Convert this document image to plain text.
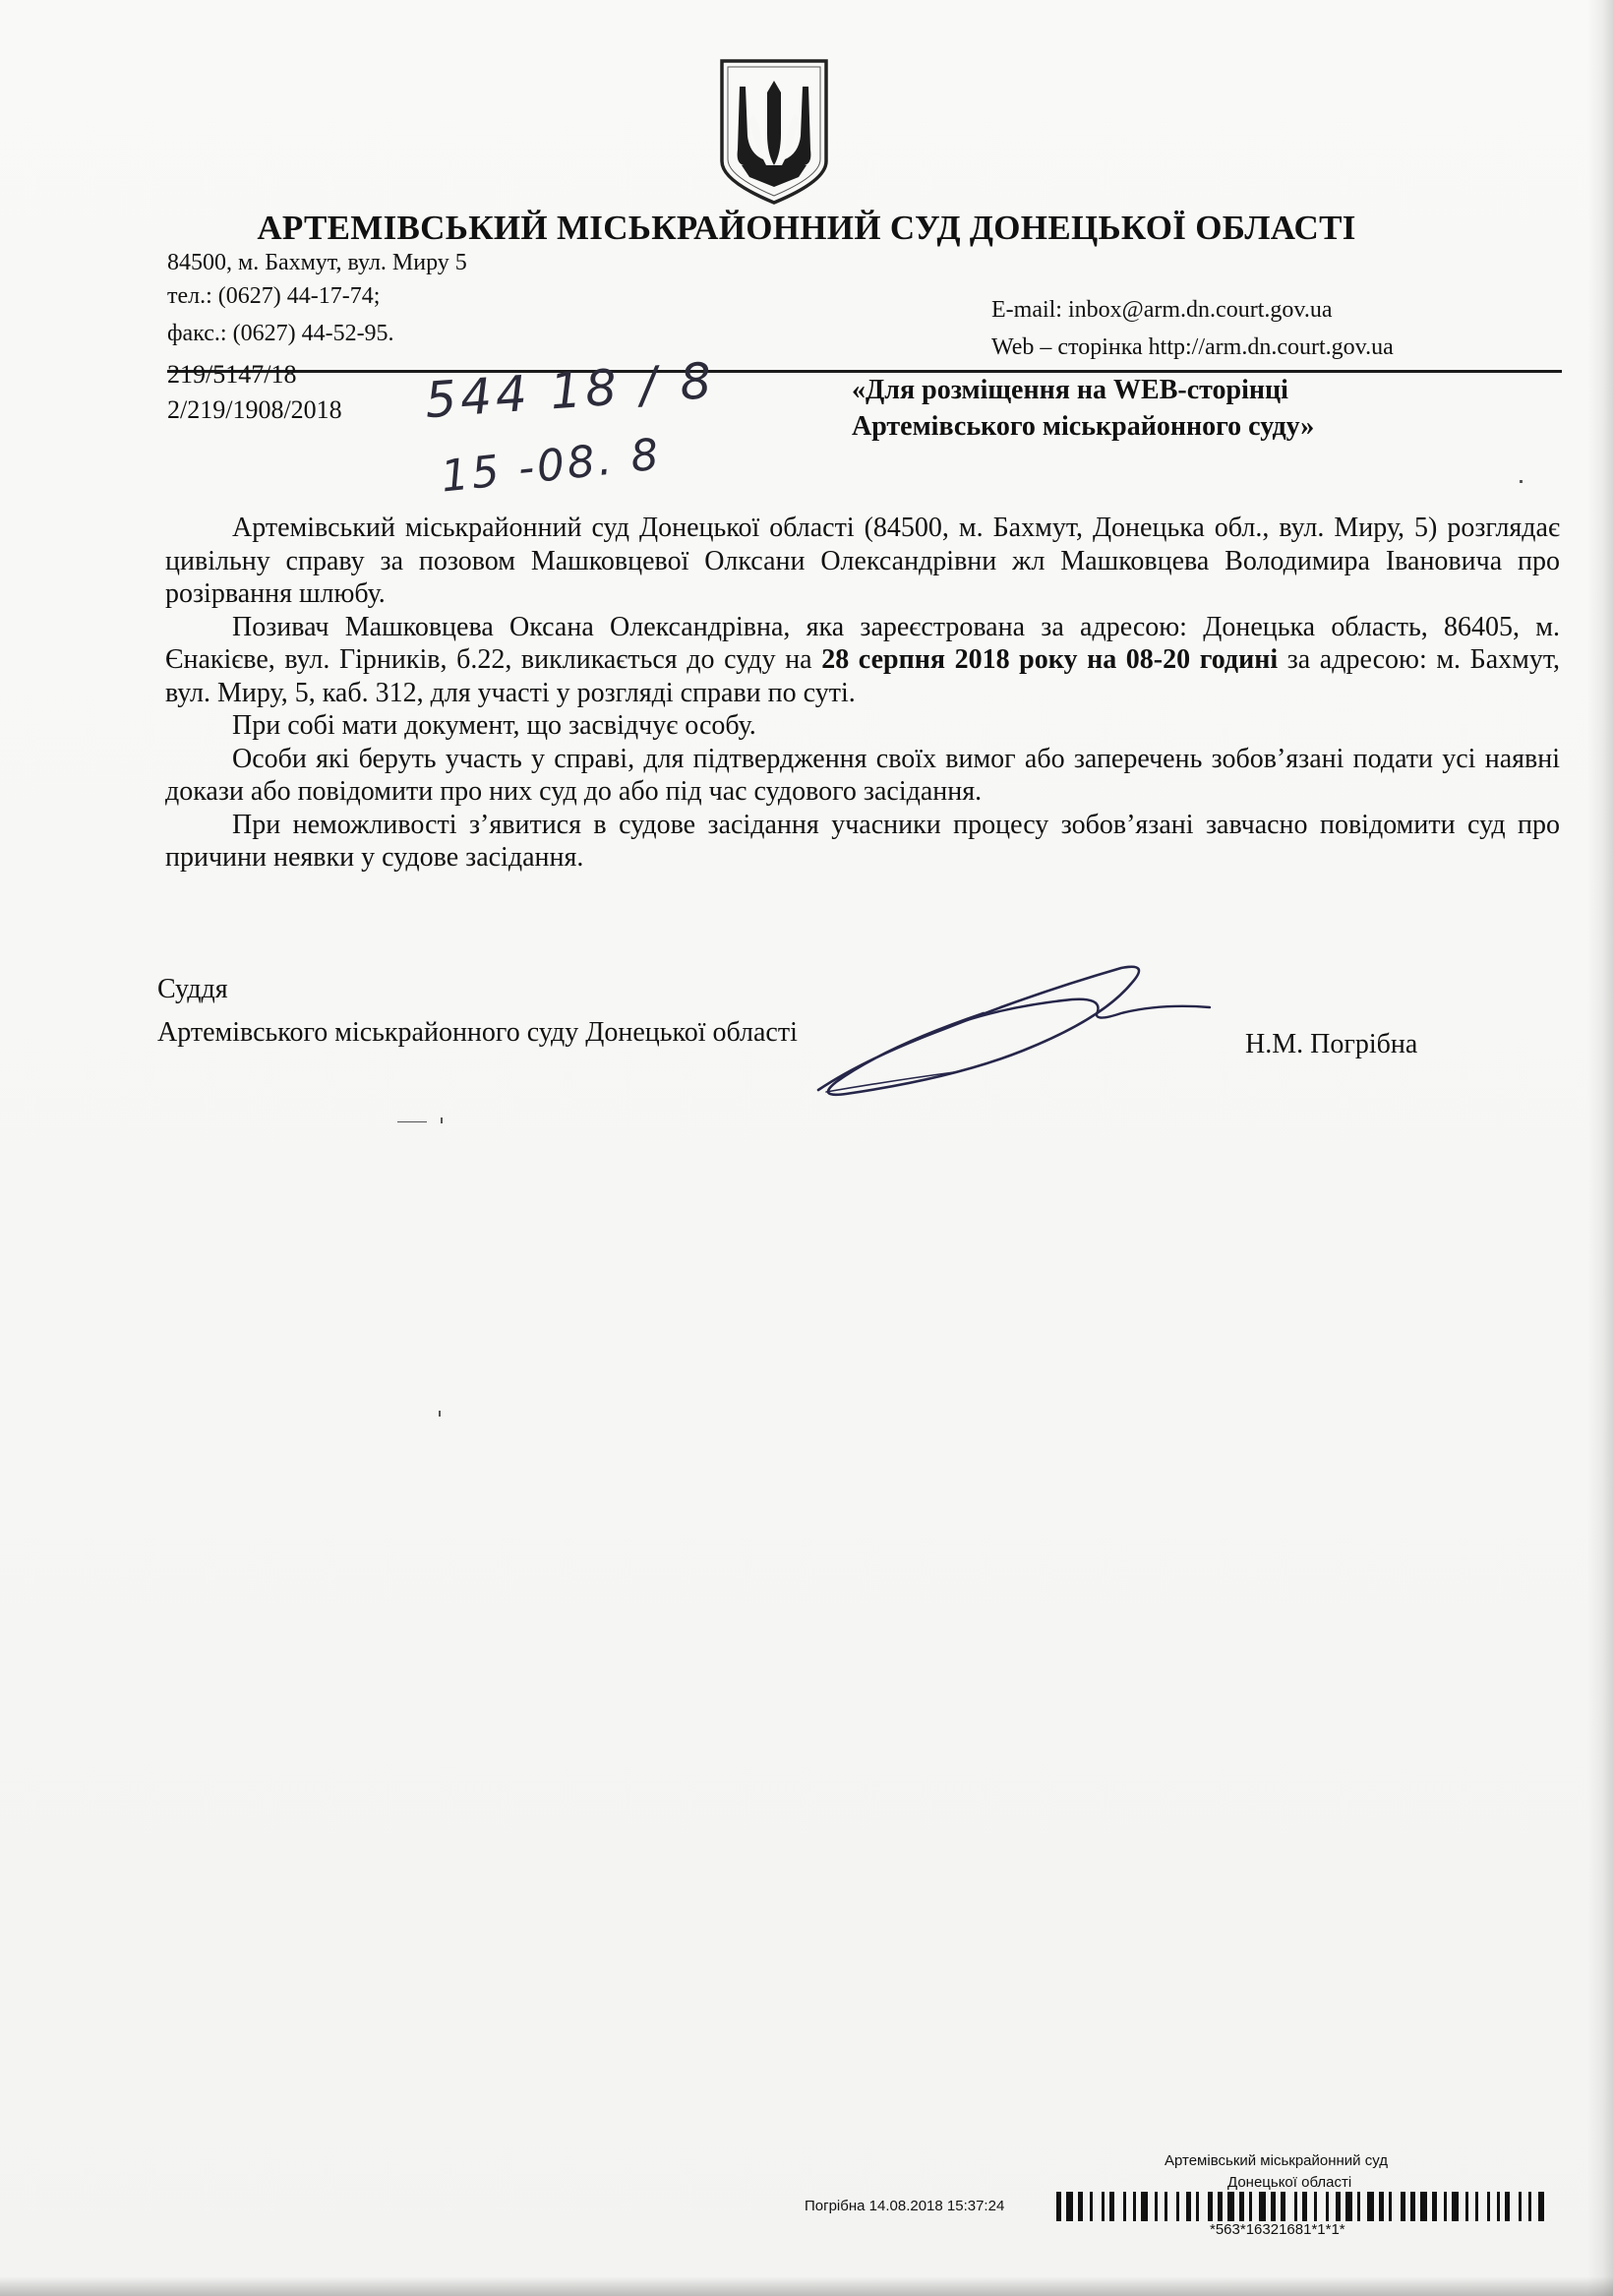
АРТЕМІВСЬКИЙ МІСЬКРАЙОННИЙ СУД ДОНЕЦЬКОЇ ОБЛАСТІ
84500, м. Бахмут, вул. Миру 5
тел.: (0627) 44-17-74;
факс.: (0627) 44-52-95.
E-mail: inbox@arm.dn.court.gov.ua
Web – сторінка http://arm.dn.court.gov.ua
219/5147/18
2/219/1908/2018 544 18 / 8
15 -08. 8
«Для розміщення на WEB-сторінці
Артемівського міськрайонного суду»

Артемівський міськрайонний суд Донецької області (84500, м. Бахмут, Донецька обл., вул. Миру, 5) розглядає цивільну справу за позовом Машковцевої Олксани Олександрівни жл Машковцева Володимира Івановича про розірвання шлюбу.

Позивач Машковцева Оксана Олександрівна, яка зареєстрована за адресою: Донецька область, 86405, м. Єнакієве, вул. Гірників, б.22, викликається до суду на 28 серпня 2018 року на 08-20 годині за адресою: м. Бахмут, вул. Миру, 5, каб. 312, для участі у розгляді справи по суті.

При собі мати документ, що засвідчує особу.

Особи які беруть участь у справі, для підтвердження своїх вимог або заперечень зобов’язані подати усі наявні докази або повідомити про них суд до або під час судового засідання.

При неможливості з’явитися в судове засідання учасники процесу зобов’язані завчасно повідомити суд про причини неявки у судове засідання.

Суддя
Артемівського міськрайонного суду Донецької області	Н.М. Погрібна
Артемівський міськрайонний суд
Донецької області
Погрібна 14.08.2018 15:37:24
*563*16321681*1*1*
